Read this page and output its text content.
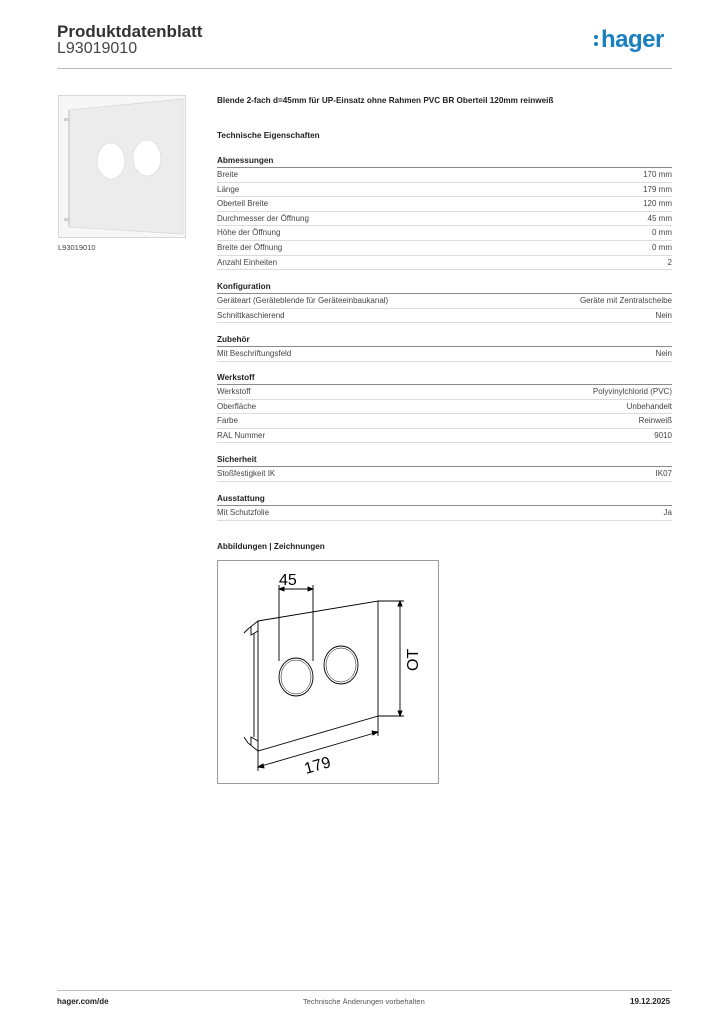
Produktdatenblatt
L93019010	hager
L93019010
Blende 2-fach d=45mm für UP-Einsatz ohne Rahmen PVC BR Oberteil 120mm reinweiß
Technische Eigenschaften
Abmessungen
Breite	170 mm
Länge	179 mm
Oberteil Breite	120 mm
Durchmesser der Öffnung	45 mm
Höhe der Öffnung	0 mm
Breite der Öffnung	0 mm
Anzahl Einheiten	2
Konfiguration
Geräteart (Geräteblende für Geräteeinbaukanal)	Geräte mit Zentralscheibe
Schnittkaschierend	Nein
Zubehör
Mit Beschriftungsfeld	Nein
Werkstoff
Werkstoff	Polyvinylchlorid (PVC)
Oberfläche	Unbehandelt
Farbe	Reinweiß
RAL Nummer	9010
Sicherheit
Stoßfestigkeit IK	IK07
Ausstattung
Mit Schutzfolie	Ja
Abbildungen | Zeichnungen
45
OT
179
hager.com/de	Technische Änderungen vorbehalten	19.12.2025
